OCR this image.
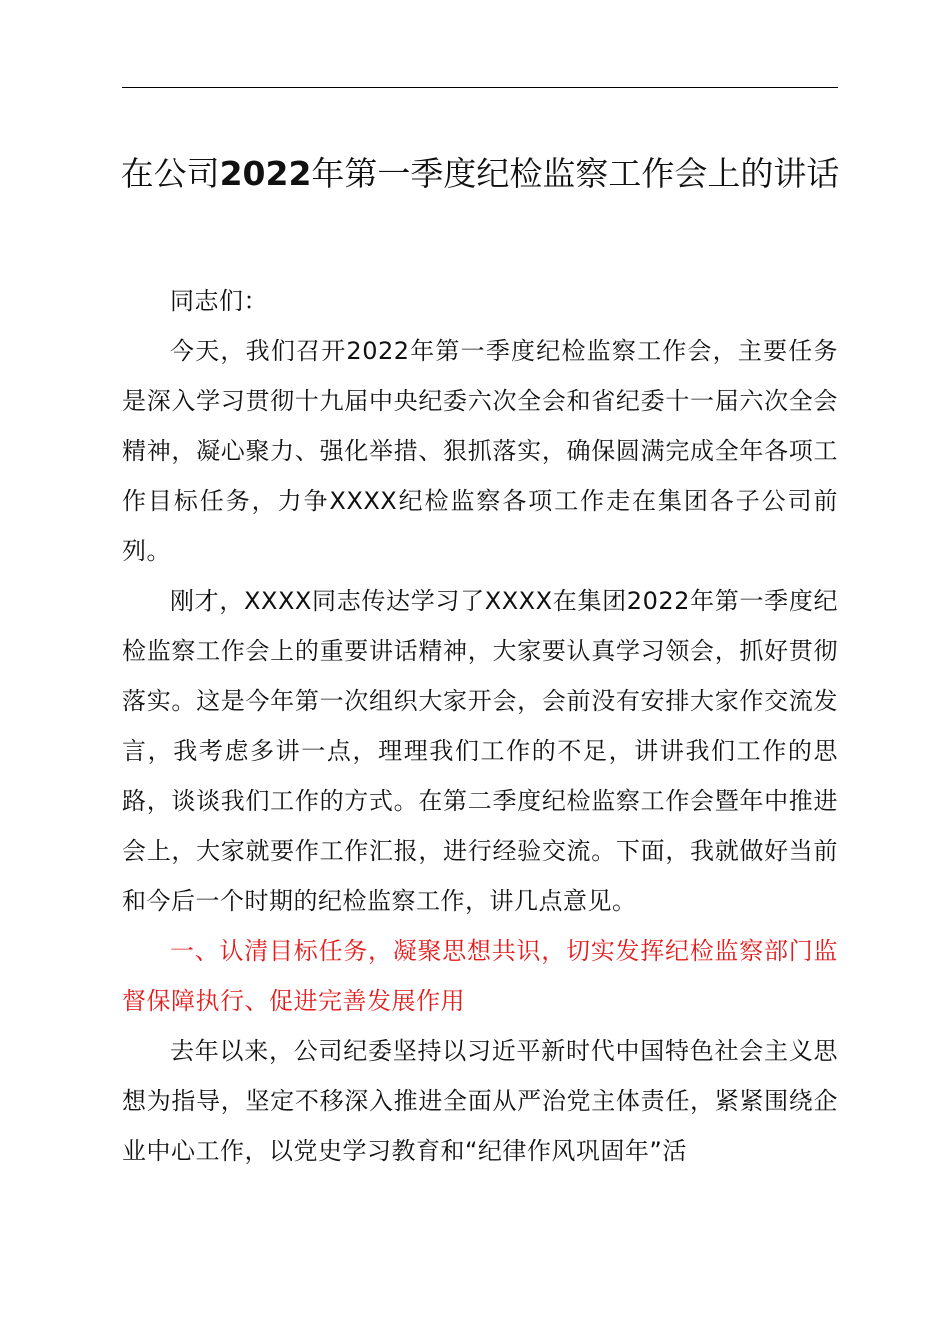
在公司2022年第一季度纪检监察工作会上的讲话

同志们：

今天，我们召开2022年第一季度纪检监察工作会，主要任务是深入学习贯彻十九届中央纪委六次全会和省纪委十一届六次全会精神，凝心聚力、强化举措、狠抓落实，确保圆满完成全年各项工作目标任务，力争XXXX纪检监察各项工作走在集团各子公司前列。

刚才，XXXX同志传达学习了XXXX在集团2022年第一季度纪检监察工作会上的重要讲话精神，大家要认真学习领会，抓好贯彻落实。这是今年第一次组织大家开会，会前没有安排大家作交流发言，我考虑多讲一点，理理我们工作的不足，讲讲我们工作的思路，谈谈我们工作的方式。在第二季度纪检监察工作会暨年中推进会上，大家就要作工作汇报，进行经验交流。下面，我就做好当前和今后一个时期的纪检监察工作，讲几点意见。

一、认清目标任务，凝聚思想共识，切实发挥纪检监察部门监督保障执行、促进完善发展作用

去年以来，公司纪委坚持以习近平新时代中国特色社会主义思想为指导，坚定不移深入推进全面从严治党主体责任，紧紧围绕企业中心工作，以党史学习教育和“纪律作风巩固年”活
